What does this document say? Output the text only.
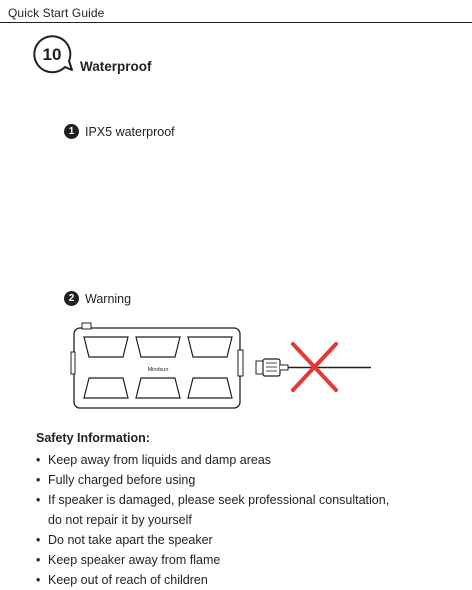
Quick Start Guide
10
Waterproof
1 IPX5 waterproof
2 Warning
Mindsun
Safety Information:
• Keep away from liquids and damp areas
• Fully charged before using
• If speaker is damaged, please seek professional consultation,
do not repair it by yourself
• Do not take apart the speaker
• Keep speaker away from flame
• Keep out of reach of children
